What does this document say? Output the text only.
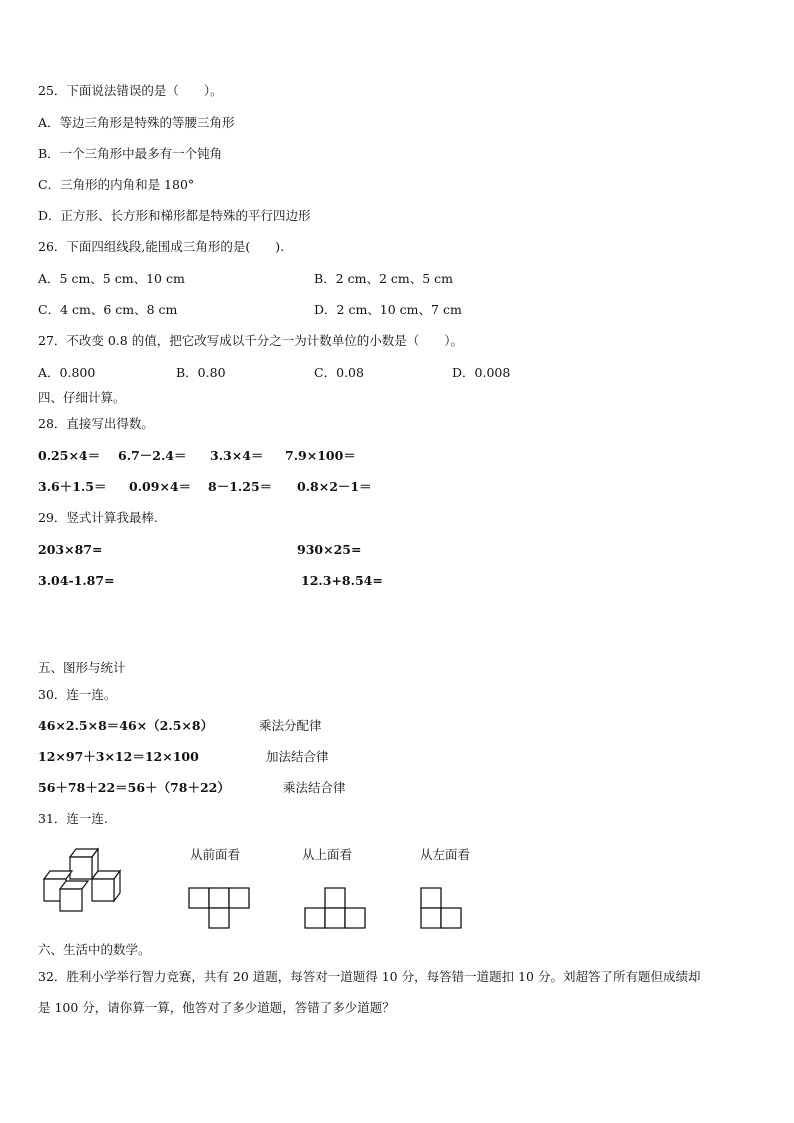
25．下面说法错误的是（　　）。
A．等边三角形是特殊的等腰三角形
B．一个三角形中最多有一个钝角
C．三角形的内角和是 180°
D．正方形、长方形和梯形都是特殊的平行四边形
26．下面四组线段,能围成三角形的是(　　).
A．5 cm、5 cm、10 cm	B．2 cm、2 cm、5 cm
C．4 cm、6 cm、8 cm	D．2 cm、10 cm、7 cm
27．不改变 0.8 的值，把它改写成以千分之一为计数单位的小数是（　　）。
A．0.800	B．0.80	C．0.08	D．0.008
四、仔细计算。
28．直接写出得数。
0.25×4＝ 6.7－2.4＝ 3.3×4＝ 7.9×100＝
3.6＋1.5＝ 0.09×4＝ 8－1.25＝ 0.8×2－1＝
29．竖式计算我最棒.
203×87=	930×25=
3.04-1.87=	12.3+8.54=
五、图形与统计
30．连一连。
46×2.5×8＝46×（2.5×8）	乘法分配律
12×97＋3×12＝12×100	加法结合律
56＋78＋22＝56＋（78＋22）	乘法结合律
31．连一连.
从前面看	从上面看	从左面看
六、生活中的数学。
32．胜利小学举行智力竞赛，共有 20 道题，每答对一道题得 10 分，每答错一道题扣 10 分。刘超答了所有题但成绩却
是 100 分，请你算一算，他答对了多少道题，答错了多少道题？
